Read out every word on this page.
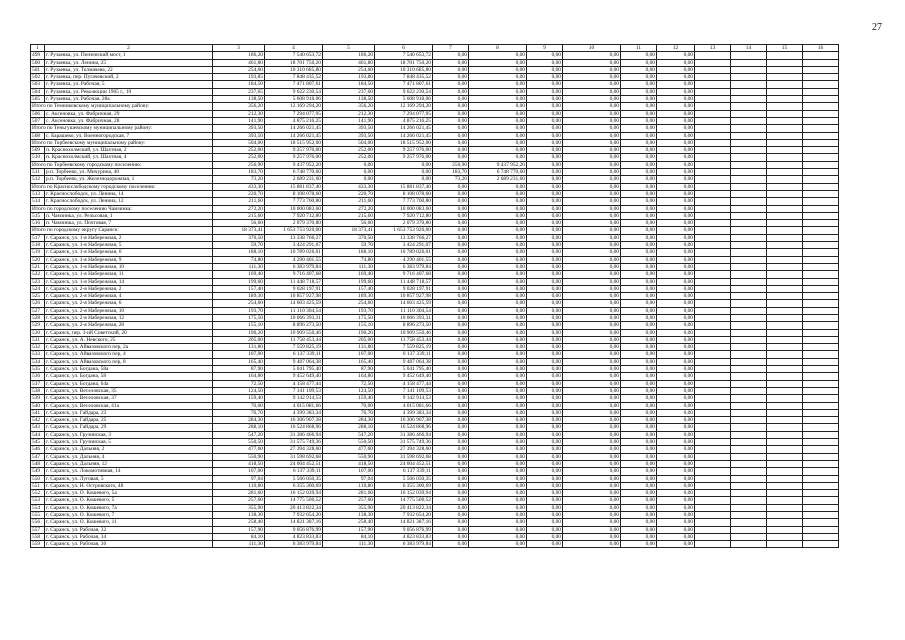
27
1	2	3	4	5	6	7	8	9	10	11	12	13	14	15	16
499	г. Рузаевка, ул. Пензенский мост, 1	186,20	7 540 653,72	186,20	7 540 653,72	0,00	0,00	0,00	0,00	0,00	0,00				
500	г. Рузаевка, ул. Ленина, 25	461,80	18 701 750,20	461,80	18 701 750,20	0,00	0,00	0,00	0,00	0,00	0,00				
501	г. Рузаевка, ул. Толмачева, 22	254,60	10 310 685,80	254,60	10 310 685,80	0,00	0,00	0,00	0,00	0,00	0,00				
502	г. Рузаевка, пер. Пугачевский, 2	193,85	7 848 435,52	193,80	7 848 435,52	0,00	0,00	0,00	0,00	0,00	0,00				
503	г. Рузаевка, ул. Рабочая, 5	184,50	7 471 807,61	184,50	7 471 807,61	0,00	0,00	0,00	0,00	0,00	0,00				
504	г. Рузаевка, ул. Революции 1905 г., 10	237,65	9 622 230,54	237,60	9 622 230,54	0,00	0,00	0,00	0,00	0,00	0,00				
505	г. Рузаевка, ул. Рабочая, 28а	138,50	5 608 918,06	138,50	5 608 918,06	0,00	0,00	0,00	0,00	0,00	0,00				
Итого по Темниковскому муниципальному району:		356,20	12 169 294,20	356,20	12 169 294,20	0,00	0,00	0,00	0,00	0,00	0,00				
506	с. Аксеновка, ул. Фабричная, 29	212,30	7 294 077,95	212,30	7 294 077,95	0,00	0,00	0,00	0,00	0,00	0,00				
507	с. Аксеновка, ул. Фабричная, 28	141,90	4 875 216,25	141,90	4 875 216,25	0,00	0,00	0,00	0,00	0,00	0,00				
Итого по Теньгушевскому муниципальному району:		393,50	14 266 021,45	393,50	14 266 021,45	0,00	0,00	0,00	0,00	0,00	0,00				
508	с. Барашево, ул. Военногородская, 7	393,50	14 266 021,45	393,50	14 266 021,45	0,00	0,00	0,00	0,00	0,00	0,00				
Итого по Торбеевскому муниципальному району:		504,00	18 515 952,00	504,00	18 515 952,00	0,00	0,00	0,00	0,00	0,00	0,00				
509	п. Краснохолмский, ул. Шахтная, 2	252,00	9 257 976,00	252,00	9 257 976,00	0,00	0,00	0,00	0,00	0,00	0,00				
510	п. Краснохолмский, ул. Шахтная, 4	252,00	9 257 976,00	252,00	9 257 976,00	0,00	0,00	0,00	0,00	0,00	0,00				
Итого по Торбеевскому городскому поселению:		256,90	9 437 952,20	0,00	0,00	256,90	9 437 952,20	0,00	0,00	0,00	0,00				
511	р.п. Торбеево, ул. Мичурина, 40	183,70	6 748 770,60	0,00	0,00	183,70	6 748 770,60	0,00	0,00	0,00	0,00				
512	р.п. Торбеево, ул. Железнодорожная, 1	73,20	2 689 231,60	0,00	0,00	73,20	2 689 231,60	0,00	0,00	0,00	0,00				
Итого по Краснослободскому городскому поселению:		433,30	15 881 837,40	433,30	15 881 837,40	0,00	0,00	0,00	0,00	0,00	0,00				
513	г. Краснослободск, ул. Ленина, 14	220,70	8 108 078,60	220,70	8 108 078,60	0,00	0,00	0,00	0,00	0,00	0,00				
514	г. Краснослободск, ул. Ленина, 12	211,60	7 773 760,80	211,60	7 773 760,80	0,00	0,00	0,00	0,00	0,00	0,00				
Итого по городскому поселению Чамзинка:		272,20	10 000 083,60	272,20	10 000 083,60	0,00	0,00	0,00	0,00	0,00	0,00				
515	п. Чамзинка, ул. Рельсовая, 1	215,60	7 920 712,80	215,60	7 920 712,80	0,00	0,00	0,00	0,00	0,00	0,00				
516	п. Чамзинка, ул. Почтовая, 7	56,60	2 079 370,80	56,60	2 079 370,80	0,00	0,00	0,00	0,00	0,00	0,00				
Итого по городскому округу Саранск:		18 373,41	1 653 753 920,00	18 373,41	1 653 753 920,00	0,00	0,00	0,00	0,00	0,00	0,00				
517	г. Саранск, ул. 1-я Набережная, 2	370,50	13 338 766,27	370,50	13 338 766,27	0,00	0,00	0,00	0,00	0,00	0,00				
518	г. Саранск, ул. 1-я Набережная, 5	59,70	3 424 291,07	59,70	3 424 291,07	0,00	0,00	0,00	0,00	0,00	0,00				
519	г. Саранск, ул. 1-я Набережная, 6	188,10	10 789 026,01	188,10	10 789 026,01	0,00	0,00	0,00	0,00	0,00	0,00				
520	г. Саранск, ул. 1-я Набережная, 9	74,80	4 290 401,55	74,80	4 290 401,55	0,00	0,00	0,00	0,00	0,00	0,00				
521	г. Саранск, ул. 1-я Набережная, 10	111,30	6 383 979,84	111,30	6 383 979,84	0,00	0,00	0,00	0,00	0,00	0,00				
522	г. Саранск, ул. 1-я Набережная, 11	169,40	9 716 407,68	169,40	9 716 407,68	0,00	0,00	0,00	0,00	0,00	0,00				
523	г. Саранск, ул. 1-я Набережная, 14	199,60	11 448 718,57	199,60	11 448 718,57	0,00	0,00	0,00	0,00	0,00	0,00				
524	г. Саранск, ул. 2-я Набережная, 2	157,40	9 028 197,91	157,40	9 028 197,91	0,00	0,00	0,00	0,00	0,00	0,00				
525	г. Саранск, ул. 2-я Набережная, 4	189,30	10 857 927,98	189,30	10 857 927,98	0,00	0,00	0,00	0,00	0,00	0,00				
526	г. Саранск, ул. 2-я Набережная, 6	254,60	14 603 425,59	254,60	14 603 425,59	0,00	0,00	0,00	0,00	0,00	0,00				
527	г. Саранск, ул. 2-я Набережная, 10	193,70	11 110 304,54	193,70	11 110 304,54	0,00	0,00	0,00	0,00	0,00	0,00				
528	г. Саранск, ул. 2-я Набережная, 12	175,50	10 066 393,31	175,50	10 066 393,31	0,00	0,00	0,00	0,00	0,00	0,00				
529	г. Саранск, ул. 2-я Набережная, 28	155,10	8 896 273,50	155,10	8 896 273,50	0,00	0,00	0,00	0,00	0,00	0,00				
530	г. Саранск, пер. 3-ий Советский, 20	190,20	10 909 550,46	190,20	10 909 550,46	0,00	0,00	0,00	0,00	0,00	0,00				
531	г. Саранск, ул. А. Невского, 25	205,00	11 758 453,44	205,00	11 758 453,44	0,00	0,00	0,00	0,00	0,00	0,00				
532	г. Саранск, ул. Айвазовского пер, 2а	131,80	7 559 825,19	131,80	7 559 825,19	0,00	0,00	0,00	0,00	0,00	0,00				
533	г. Саранск, ул. Айвазовского пер, 4	107,00	6 137 339,11	107,00	6 137 339,11	0,00	0,00	0,00	0,00	0,00	0,00				
534	г. Саранск, ул. Айвазовского пер, 8	165,40	9 487 064,38	165,40	9 487 064,38	0,00	0,00	0,00	0,00	0,00	0,00				
535	г. Саранск, ул. Богдана, 58а	87,90	5 041 795,40	87,90	5 041 795,40	0,00	0,00	0,00	0,00	0,00	0,00				
536	г. Саранск, ул. Богдана, 58	164,80	9 452 649,40	164,80	9 452 649,40	0,00	0,00	0,00	0,00	0,00	0,00				
537	г. Саранск, ул. Богдана, 64а	72,50	4 158 477,44	72,50	4 158 477,44	0,00	0,00	0,00	0,00	0,00	0,00				
538	г. Саранск, ул. Веселовская, 35	124,50	7 141 109,53	124,50	7 141 109,53	0,00	0,00	0,00	0,00	0,00	0,00				
539	г. Саранск, ул. Веселовская, 37	159,40	9 142 914,53	159,40	9 142 914,53	0,00	0,00	0,00	0,00	0,00	0,00				
540	г. Саранск, ул. Веселовская, 41а	70,00	4 015 081,66	70,00	4 015 081,66	0,00	0,00	0,00	0,00	0,00	0,00				
541	г. Саранск, ул. Гайдара, 23	76,70	4 399 383,34	76,70	4 399 383,34	0,00	0,00	0,00	0,00	0,00	0,00				
542	г. Саранск, ул. Гайдара, 25	284,30	16 306 907,38	284,30	16 306 907,38	0,00	0,00	0,00	0,00	0,00	0,00				
543	г. Саранск, ул. Гайдара, 29	288,10	16 524 868,96	288,10	16 524 868,96	0,00	0,00	0,00	0,00	0,00	0,00				
544	г. Саранск, ул. Грузинская, 3	547,20	31 386 466,94	547,20	31 386 466,94	0,00	0,00	0,00	0,00	0,00	0,00				
545	г. Саранск, ул. Грузинская, 5	550,50	31 575 749,36	550,50	31 575 749,36	0,00	0,00	0,00	0,00	0,00	0,00				
546	г. Саранск, ул. Дальняя, 2	477,60	27 394 328,60	477,60	27 394 328,60	0,00	0,00	0,00	0,00	0,00	0,00				
547	г. Саранск, ул. Дальняя, 4	550,90	31 598 692,68	550,90	31 598 692,68	0,00	0,00	0,00	0,00	0,00	0,00				
548	г. Саранск, ул. Дальняя, 12	418,50	24 004 452,51	418,50	24 004 452,51	0,00	0,00	0,00	0,00	0,00	0,00				
549	г. Саранск, ул. Локомотивная, 14	107,00	6 137 339,11	107,00	6 137 339,11	0,00	0,00	0,00	0,00	0,00	0,00				
550	г. Саранск, ул. Луговая, 5	97,04	5 566 050,35	97,04	5 566 050,35	0,00	0,00	0,00	0,00	0,00	0,00				
551	г. Саранск, ул. Н. Островского, 48	110,80	6 355 300,69	110,80	6 355 300,69	0,00	0,00	0,00	0,00	0,00	0,00				
552	г. Саранск, ул. О. Кошевого, 5а	281,60	16 152 039,94	281,60	16 152 039,94	0,00	0,00	0,00	0,00	0,00	0,00				
553	г. Саранск, ул. О. Кошевого, 5	257,60	14 775 500,52	257,60	14 775 500,52	0,00	0,00	0,00	0,00	0,00	0,00				
554	г. Саранск, ул. О. Кошевого, 7а	355,90	20 413 822,34	355,90	20 413 822,34	0,00	0,00	0,00	0,00	0,00	0,00				
555	г. Саранск, ул. О. Кошевого, 7	138,30	7 932 654,20	138,30	7 932 654,20	0,00	0,00	0,00	0,00	0,00	0,00				
556	г. Саранск, ул. О. Кошевого, 11	258,40	14 821 387,16	258,40	14 821 387,16	0,00	0,00	0,00	0,00	0,00	0,00				
557	г. Саранск, ул. Рабочая, 32	157,90	9 056 876,99	157,90	9 056 876,99	0,00	0,00	0,00	0,00	0,00	0,00				
558	г. Саранск, ул. Рабочая, 34	84,10	4 823 833,83	84,10	4 823 833,83	0,00	0,00	0,00	0,00	0,00	0,00				
559	г. Саранск, ул. Рабочая, 36	111,30	6 383 979,84	111,30	6 383 979,84	0,00	0,00	0,00	0,00	0,00	0,00				
